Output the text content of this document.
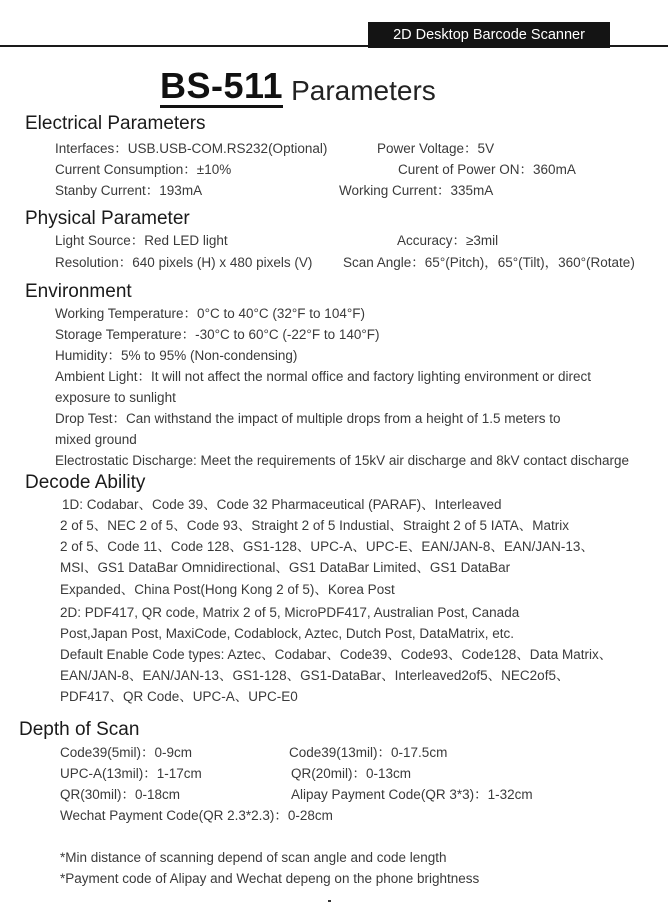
2D Desktop Barcode Scanner
BS-511 Parameters
Electrical Parameters
Interfaces：USB.USB-COM.RS232(Optional)	Power Voltage：5V
Current Consumption：±10%	Curent of Power ON：360mA
Stanby Current：193mA	Working Current：335mA
Physical Parameter
Light Source：Red LED light	Accuracy：≥3mil
Resolution：640 pixels (H) x 480 pixels (V) Scan Angle：65°(Pitch)，65°(Tilt)，360°(Rotate)
Environment
Working Temperature：0°C to 40°C (32°F to 104°F)
Storage Temperature：-30°C to 60°C (-22°F to 140°F)
Humidity：5% to 95% (Non-condensing)
Ambient Light：It will not affect the normal office and factory lighting environment or direct
exposure to sunlight
Drop Test：Can withstand the impact of multiple drops from a height of 1.5 meters to
mixed ground
Electrostatic Discharge: Meet the requirements of 15kV air discharge and 8kV contact discharge
Decode Ability
1D: Codabar、Code 39、Code 32 Pharmaceutical (PARAF)、Interleaved
2 of 5、NEC 2 of 5、Code 93、Straight 2 of 5 Industial、Straight 2 of 5 IATA、Matrix
2 of 5、Code 11、Code 128、GS1-128、UPC-A、UPC-E、EAN/JAN-8、EAN/JAN-13、
MSI、GS1 DataBar Omnidirectional、GS1 DataBar Limited、GS1 DataBar
Expanded、China Post(Hong Kong 2 of 5)、Korea Post
2D: PDF417, QR code, Matrix 2 of 5, MicroPDF417, Australian Post, Canada
Post,Japan Post, MaxiCode, Codablock, Aztec, Dutch Post, DataMatrix, etc.
Default Enable Code types: Aztec、Codabar、Code39、Code93、Code128、Data Matrix、
EAN/JAN-8、EAN/JAN-13、GS1-128、GS1-DataBar、Interleaved2of5、NEC2of5、
PDF417、QR Code、UPC-A、UPC-E0
Depth of Scan
Code39(5mil)：0-9cm	Code39(13mil)：0-17.5cm
UPC-A(13mil)：1-17cm	QR(20mil)：0-13cm
QR(30mil)：0-18cm	Alipay Payment Code(QR 3*3)：1-32cm
Wechat Payment Code(QR 2.3*2.3)：0-28cm
*Min distance of scanning depend of scan angle and code length
*Payment code of Alipay and Wechat depeng on the phone brightness
